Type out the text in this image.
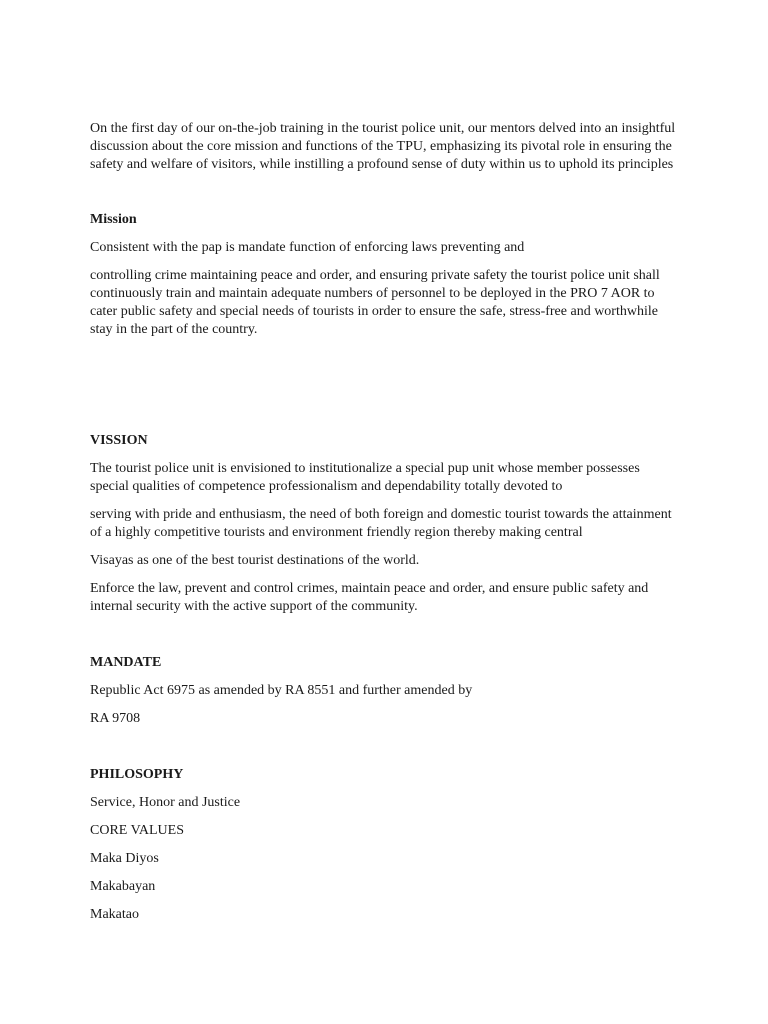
On the first day of our on-the-job training in the tourist police unit, our mentors delved into an insightful discussion about the core mission and functions of the TPU, emphasizing its pivotal role in ensuring the safety and welfare of visitors, while instilling a profound sense of duty within us to uphold its principles

Mission

Consistent with the pap is mandate function of enforcing laws preventing and

controlling crime maintaining peace and order, and ensuring private safety the tourist police unit shall continuously train and maintain adequate numbers of personnel to be deployed in the PRO 7 AOR to cater public safety and special needs of tourists in order to ensure the safe, stress-free and worthwhile stay in the part of the country.

VISSION

The tourist police unit is envisioned to institutionalize a special pup unit whose member possesses special qualities of competence professionalism and dependability totally devoted to

serving with pride and enthusiasm, the need of both foreign and domestic tourist towards the attainment of a highly competitive tourists and environment friendly region thereby making central

Visayas as one of the best tourist destinations of the world.

Enforce the law, prevent and control crimes, maintain peace and order, and ensure public safety and internal security with the active support of the community.

MANDATE

Republic Act 6975 as amended by RA 8551 and further amended by

RA 9708

PHILOSOPHY

Service, Honor and Justice

CORE VALUES

Maka Diyos

Makabayan

Makatao
